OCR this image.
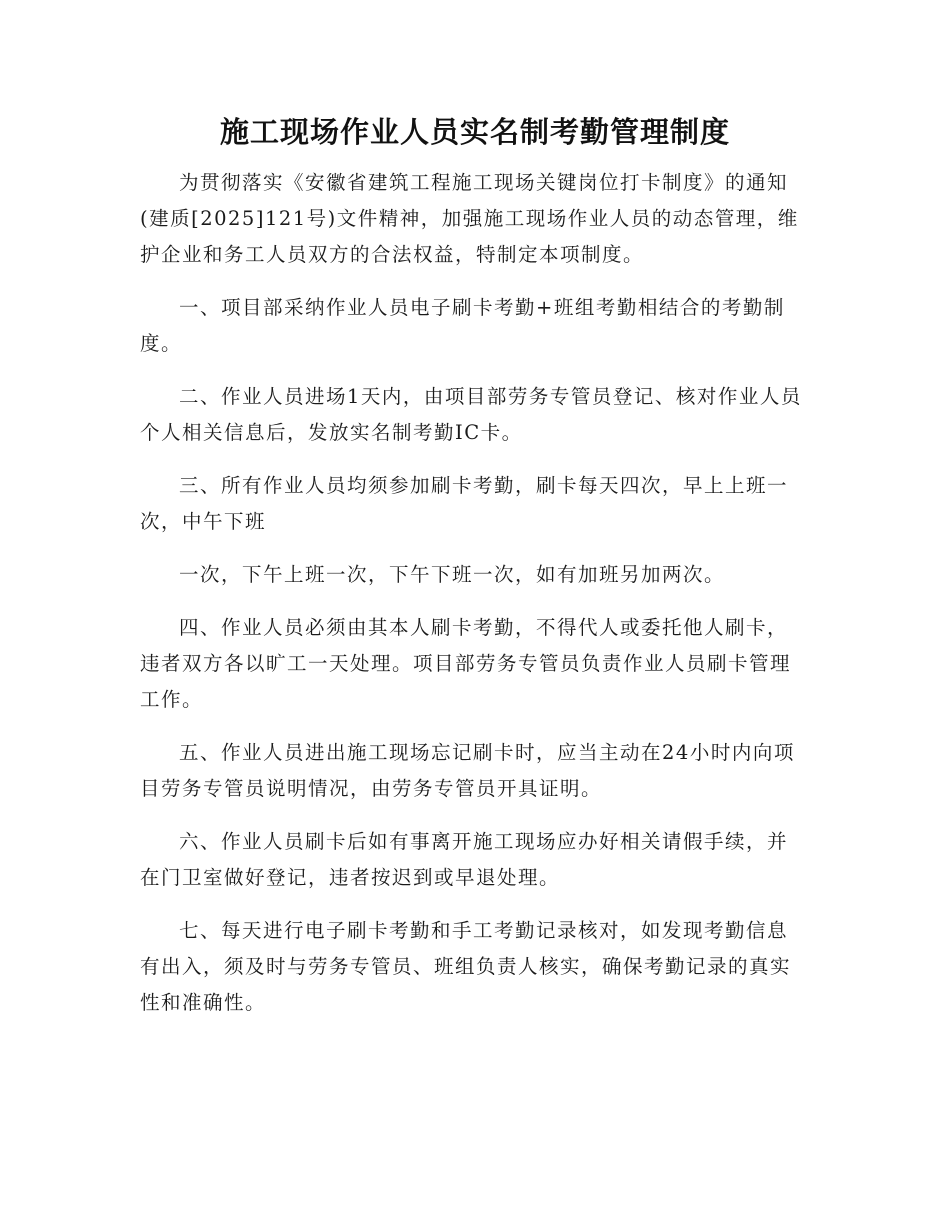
施工现场作业人员实名制考勤管理制度

为贯彻落实《安徽省建筑工程施工现场关键岗位打卡制度》的通知(建质[2025]121号)文件精神，加强施工现场作业人员的动态管理，维护企业和务工人员双方的合法权益，特制定本项制度。

一、项目部采纳作业人员电子刷卡考勤+班组考勤相结合的考勤制度。

二、作业人员进场1天内，由项目部劳务专管员登记、核对作业人员个人相关信息后，发放实名制考勤IC卡。

三、所有作业人员均须参加刷卡考勤，刷卡每天四次，早上上班一次，中午下班

一次，下午上班一次，下午下班一次，如有加班另加两次。

四、作业人员必须由其本人刷卡考勤，不得代人或委托他人刷卡，违者双方各以旷工一天处理。项目部劳务专管员负责作业人员刷卡管理工作。

五、作业人员进出施工现场忘记刷卡时，应当主动在24小时内向项目劳务专管员说明情况，由劳务专管员开具证明。

六、作业人员刷卡后如有事离开施工现场应办好相关请假手续，并在门卫室做好登记，违者按迟到或早退处理。

七、每天进行电子刷卡考勤和手工考勤记录核对，如发现考勤信息有出入，须及时与劳务专管员、班组负责人核实，确保考勤记录的真实性和准确性。
